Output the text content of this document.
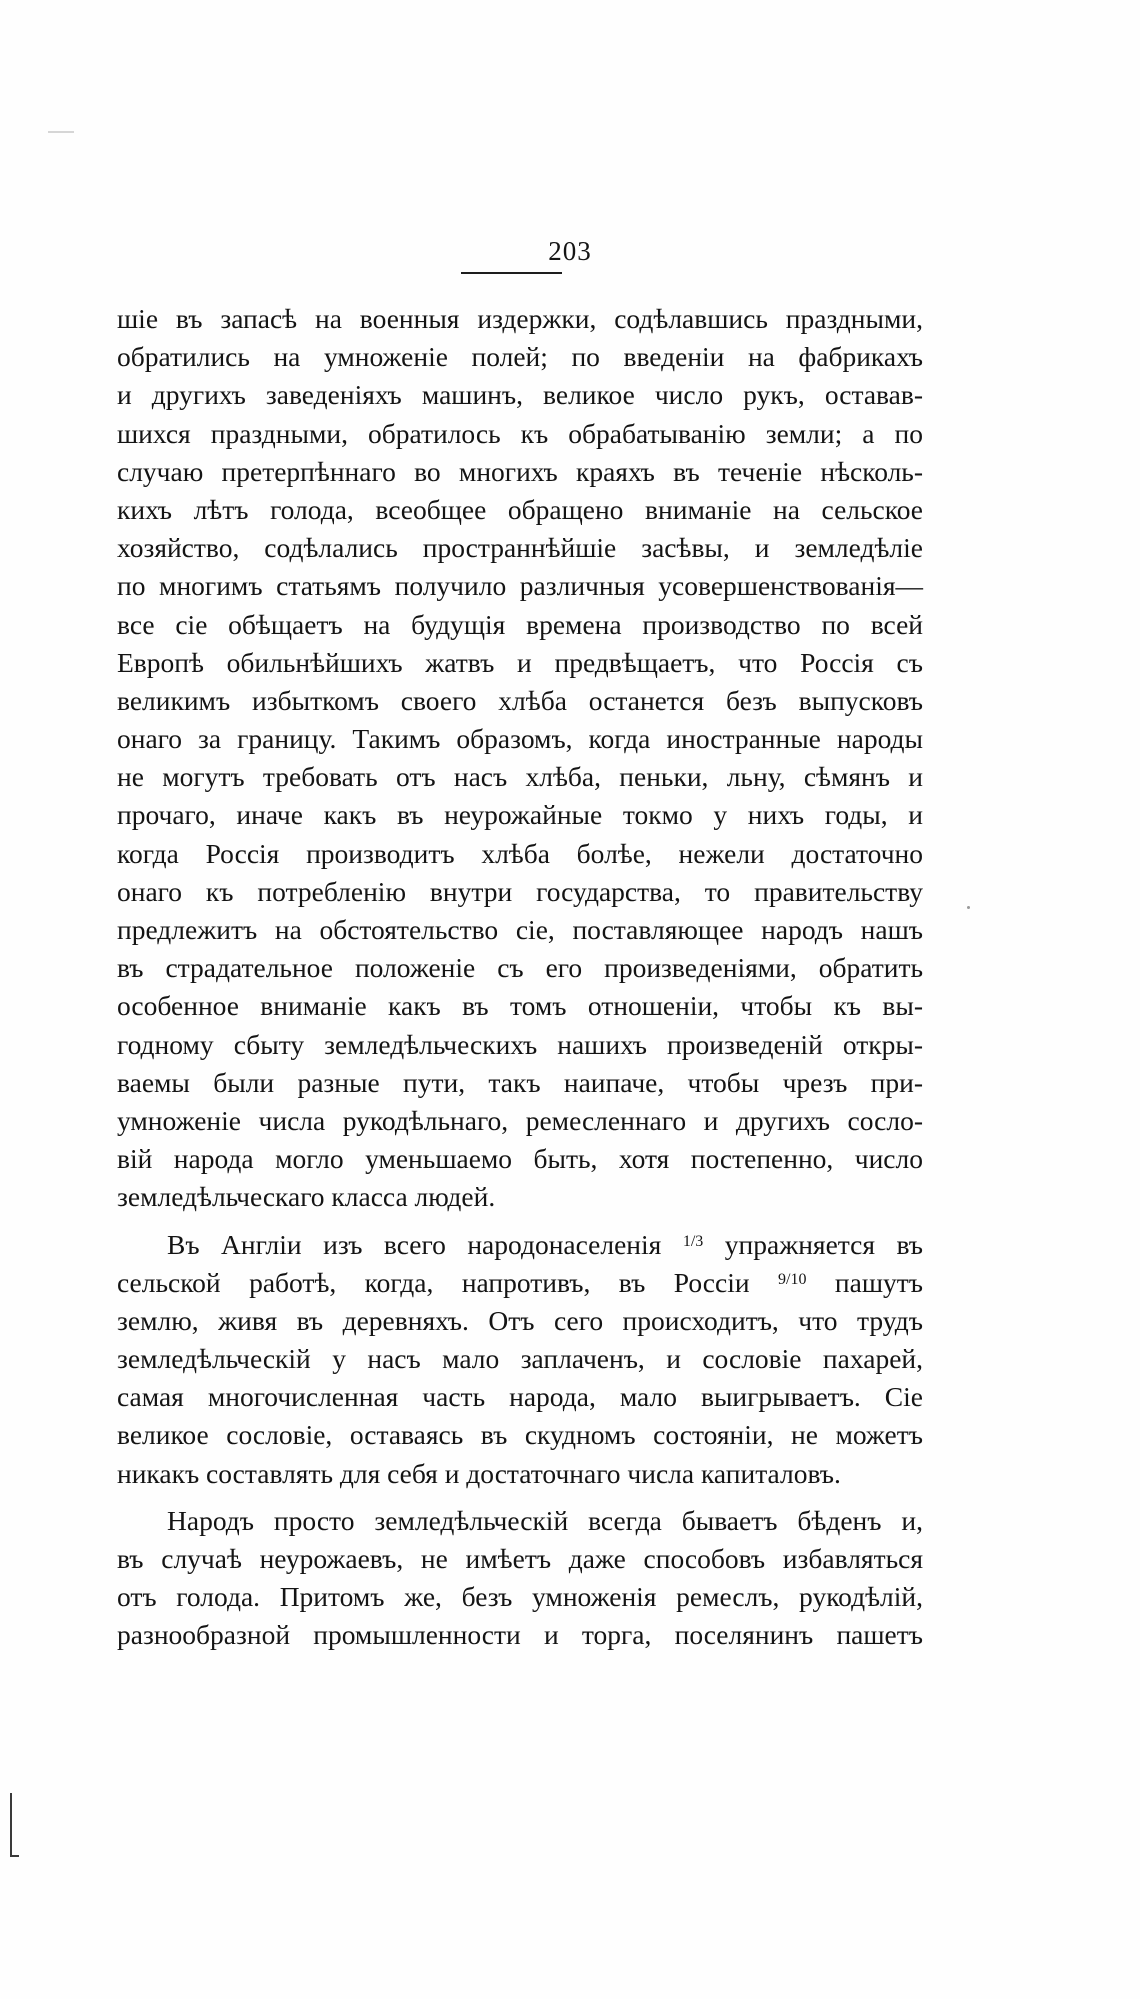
203
шіе въ запасѣ на военныя издержки, содѣлавшись праздными,
обратились на умноженіе полей; по введеніи на фабрикахъ
и другихъ заведеніяхъ машинъ, великое число рукъ, оставав-
шихся праздными, обратилось къ обрабатыванію земли; а по
случаю претерпѣннаго во многихъ краяхъ въ теченіе нѣсколь-
кихъ лѣтъ голода, всеобщее обращено вниманіе на сельское
хозяйство, содѣлались пространнѣйшіе засѣвы, и земледѣліе
по многимъ статьямъ получило различныя усовершенствованія—
все сіе обѣщаетъ на будущія времена производство по всей
Европѣ обильнѣйшихъ жатвъ и предвѣщаетъ, что Россія съ
великимъ избыткомъ своего хлѣба останется безъ выпусковъ
онаго за границу. Такимъ образомъ, когда иностранные народы
не могутъ требовать отъ насъ хлѣба, пеньки, льну, сѣмянъ и
прочаго, иначе какъ въ неурожайные токмо у нихъ годы, и
когда Россія производитъ хлѣба болѣе, нежели достаточно
онаго къ потребленію внутри государства, то правительству
предлежитъ на обстоятельство сіе, поставляющее народъ нашъ
въ страдательное положеніе съ его произведеніями, обратить
особенное вниманіе какъ въ томъ отношеніи, чтобы къ вы-
годному сбыту земледѣльческихъ нашихъ произведеній откры-
ваемы были разные пути, такъ наипаче, чтобы чрезъ при-
умноженіе числа рукодѣльнаго, ремесленнаго и другихъ сосло-
вій народа могло уменьшаемо быть, хотя постепенно, число
земледѣльческаго класса людей.
Въ Англіи изъ всего народонаселенія 1/3 упражняется въ
сельской работѣ, когда, напротивъ, въ Россіи 9/10 пашутъ
землю, живя въ деревняхъ. Отъ сего происходитъ, что трудъ
земледѣльческій у насъ мало заплаченъ, и сословіе пахарей,
самая многочисленная часть народа, мало выигрываетъ. Сіе
великое сословіе, оставаясь въ скудномъ состояніи, не можетъ
никакъ составлять для себя и достаточнаго числа капиталовъ.
Народъ просто земледѣльческій всегда бываетъ бѣденъ и,
въ случаѣ неурожаевъ, не имѣетъ даже способовъ избавляться
отъ голода. Притомъ же, безъ умноженія ремеслъ, рукодѣлій,
разнообразной промышленности и торга, поселянинъ пашетъ
